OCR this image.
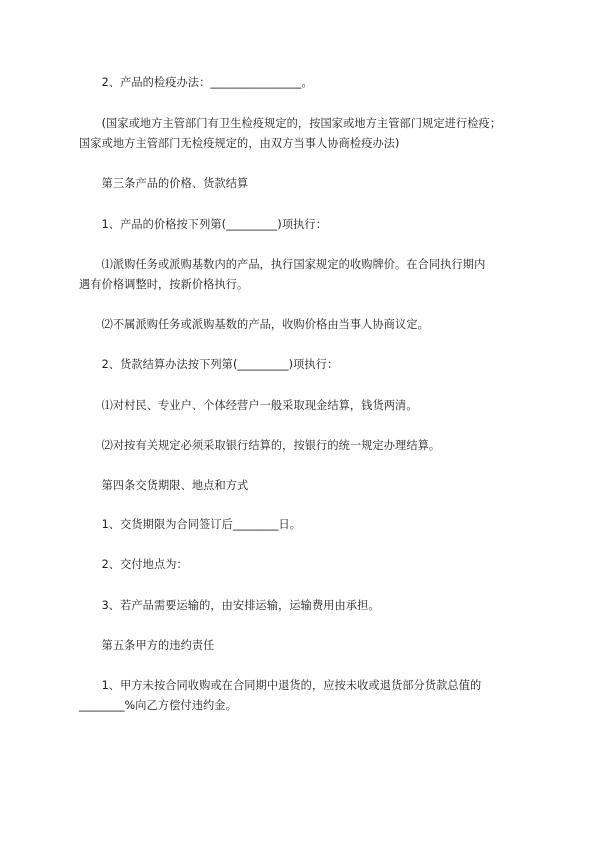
　　2、产品的检疫办法：________________。
　　(国家或地方主管部门有卫生检疫规定的，按国家或地方主管部门规定进行检疫；
国家或地方主管部门无检疫规定的，由双方当事人协商检疫办法)
　　第三条产品的价格、货款结算
　　1、产品的价格按下列第(_________)项执行：
　　⑴派购任务或派购基数内的产品，执行国家规定的收购牌价。在合同执行期内
遇有价格调整时，按新价格执行。
　　⑵不属派购任务或派购基数的产品，收购价格由当事人协商议定。
　　2、货款结算办法按下列第(_________)项执行：
　　⑴对村民、专业户、个体经营户一般采取现金结算，钱货两清。
　　⑵对按有关规定必须采取银行结算的，按银行的统一规定办理结算。
　　第四条交货期限、地点和方式
　　1、交货期限为合同签订后________日。
　　2、交付地点为：
　　3、若产品需要运输的，由安排运输，运输费用由承担。
　　第五条甲方的违约责任
　　1、甲方未按合同收购或在合同期中退货的，应按未收或退货部分货款总值的
________%向乙方偿付违约金。
